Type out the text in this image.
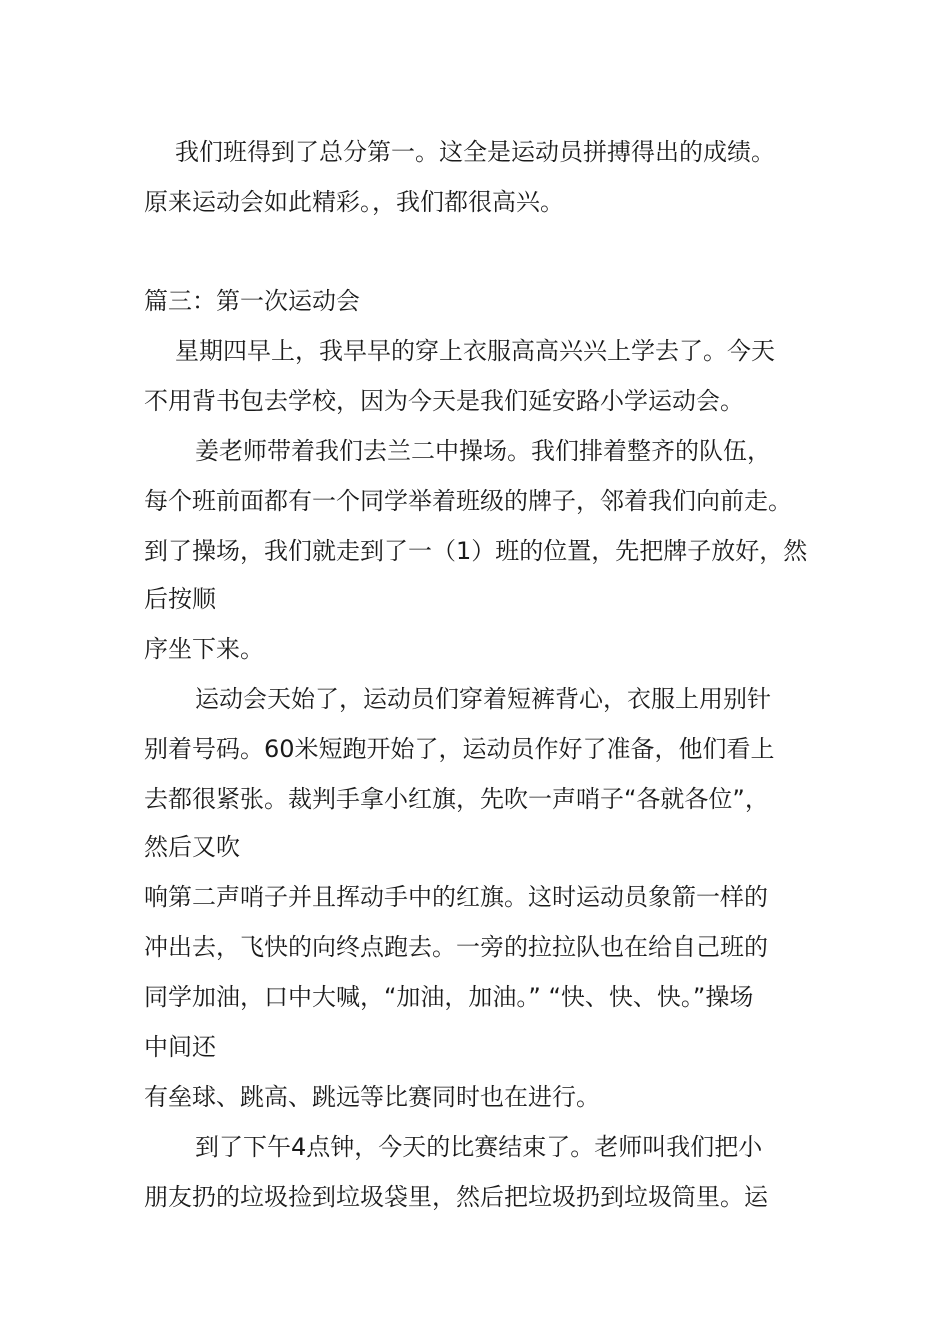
我们班得到了总分第一。这全是运动员拼搏得出的成绩。
原来运动会如此精彩。，我们都很高兴。
篇三：第一次运动会
星期四早上，我早早的穿上衣服高高兴兴上学去了。今天
不用背书包去学校，因为今天是我们延安路小学运动会。
姜老师带着我们去兰二中操场。我们排着整齐的队伍，
每个班前面都有一个同学举着班级的牌子，邻着我们向前走。
到了操场，我们就走到了一（1）班的位置，先把牌子放好，然
后按顺
序坐下来。
运动会天始了，运动员们穿着短裤背心，衣服上用别针
别着号码。60米短跑开始了，运动员作好了准备，他们看上
去都很紧张。裁判手拿小红旗，先吹一声哨子“各就各位”，
然后又吹
响第二声哨子并且挥动手中的红旗。这时运动员象箭一样的
冲出去，飞快的向终点跑去。一旁的拉拉队也在给自己班的
同学加油，口中大喊，“加油，加油。” “快、快、快。”操场
中间还
有垒球、跳高、跳远等比赛同时也在进行。
到了下午4点钟，今天的比赛结束了。老师叫我们把小
朋友扔的垃圾捡到垃圾袋里，然后把垃圾扔到垃圾筒里。运
